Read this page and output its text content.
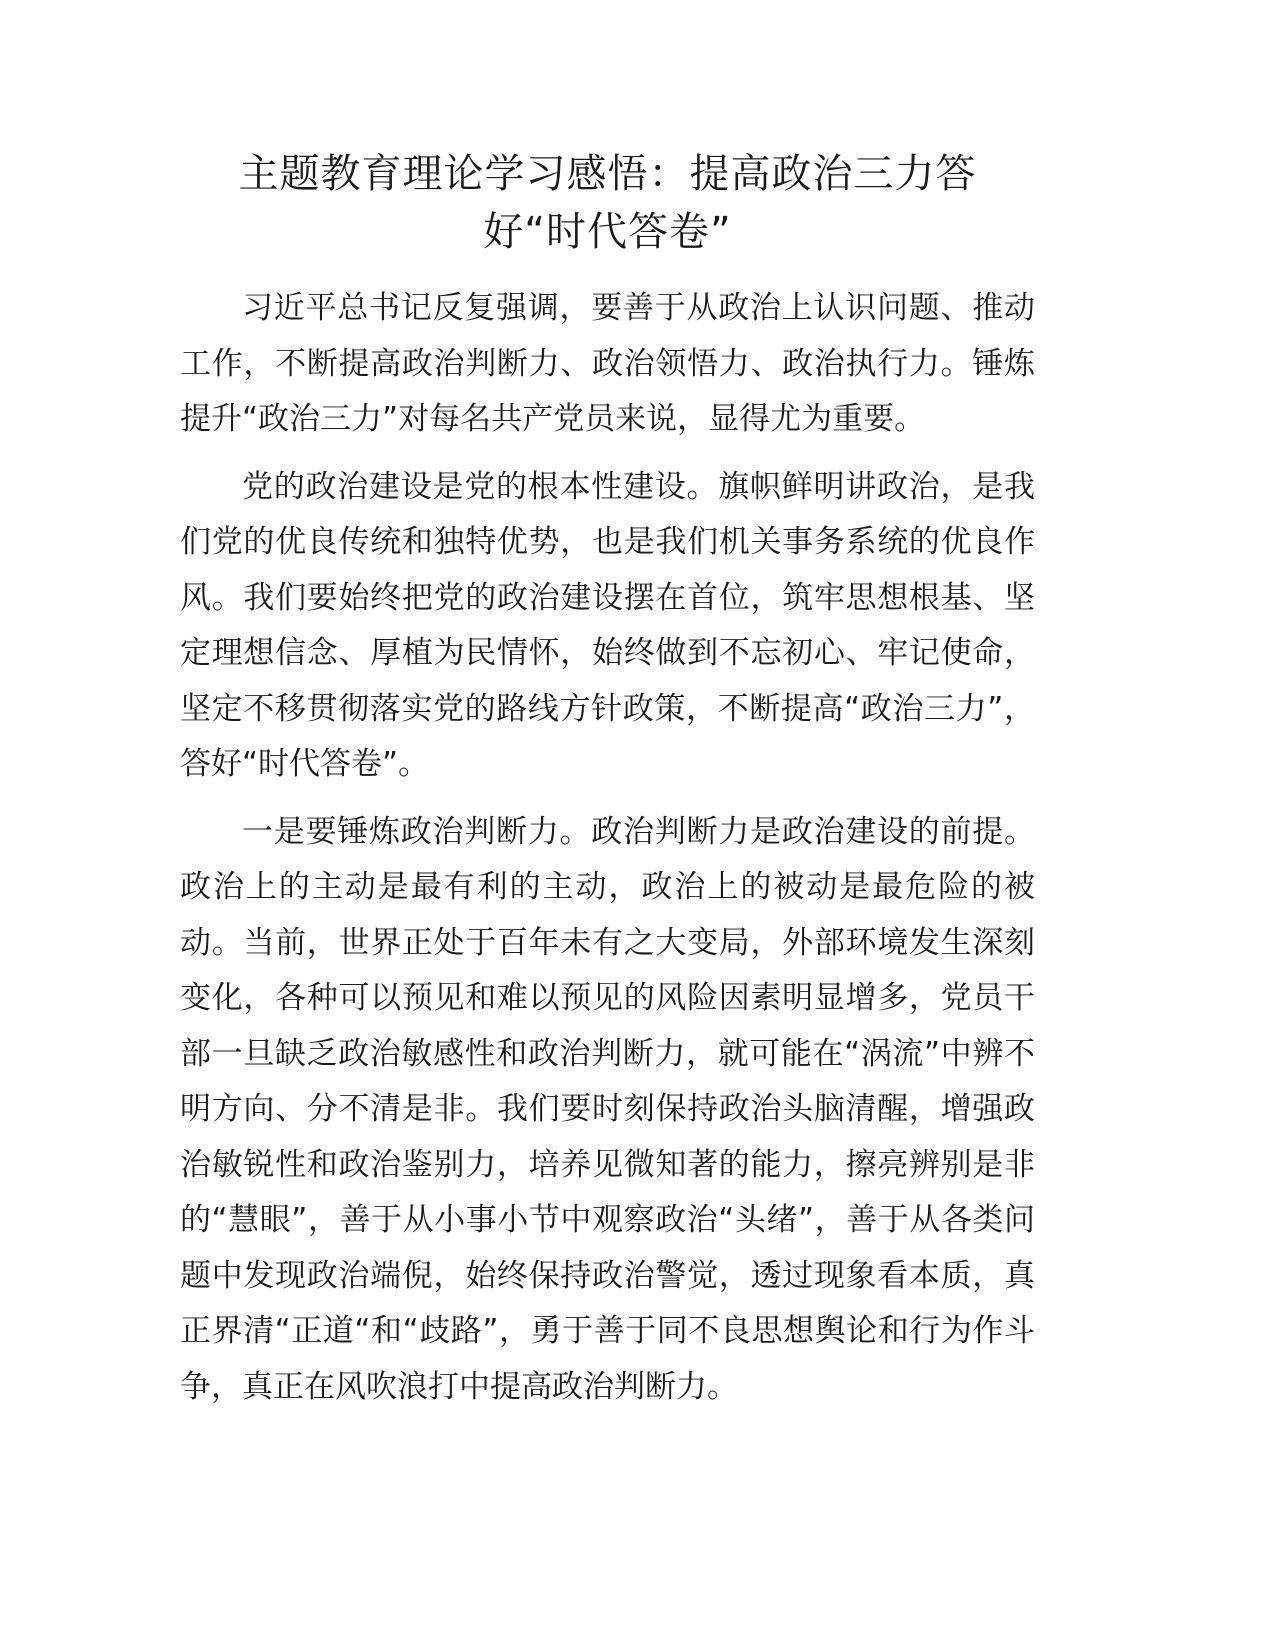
主题教育理论学习感悟：提高政治三力答
好“时代答卷”

习近平总书记反复强调，要善于从政治上认识问题、推动工作，不断提高政治判断力、政治领悟力、政治执行力。锤炼提升“政治三力”对每名共产党员来说，显得尤为重要。

党的政治建设是党的根本性建设。旗帜鲜明讲政治，是我们党的优良传统和独特优势，也是我们机关事务系统的优良作风。我们要始终把党的政治建设摆在首位，筑牢思想根基、坚定理想信念、厚植为民情怀，始终做到不忘初心、牢记使命，坚定不移贯彻落实党的路线方针政策，不断提高“政治三力”，答好“时代答卷”。

一是要锤炼政治判断力。政治判断力是政治建设的前提。政治上的主动是最有利的主动，政治上的被动是最危险的被动。当前，世界正处于百年未有之大变局，外部环境发生深刻变化，各种可以预见和难以预见的风险因素明显增多，党员干部一旦缺乏政治敏感性和政治判断力，就可能在“涡流”中辨不明方向、分不清是非。我们要时刻保持政治头脑清醒，增强政治敏锐性和政治鉴别力，培养见微知著的能力，擦亮辨别是非的“慧眼”，善于从小事小节中观察政治“头绪”，善于从各类问题中发现政治端倪，始终保持政治警觉，透过现象看本质，真正界清“正道“和“歧路”，勇于善于同不良思想舆论和行为作斗争，真正在风吹浪打中提高政治判断力。
